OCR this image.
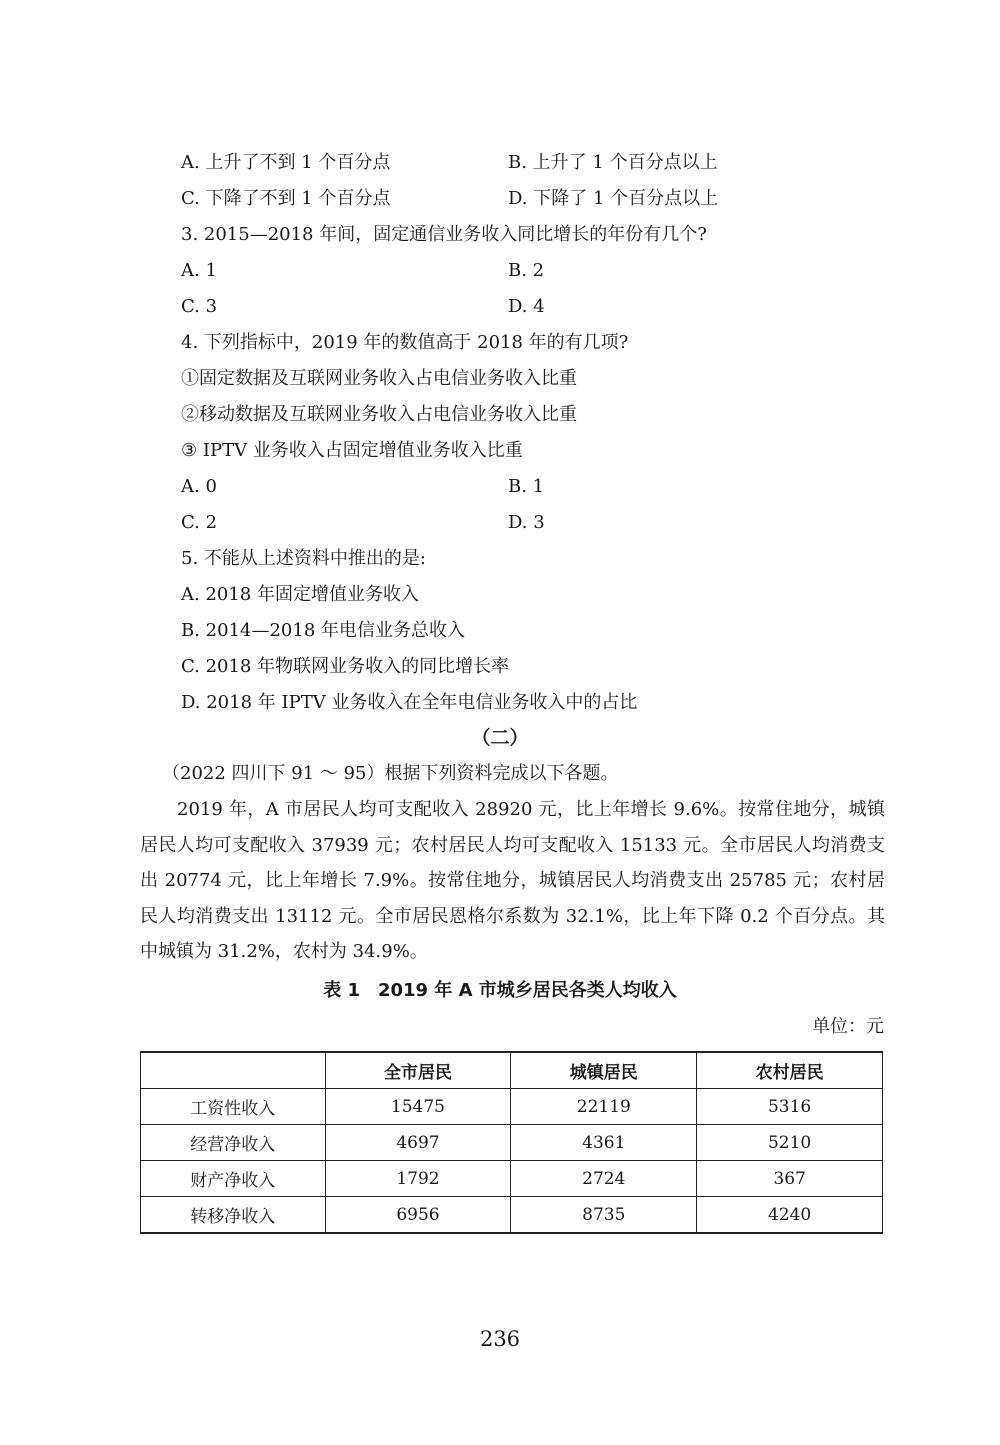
A. 上升了不到 1 个百分点	B. 上升了 1 个百分点以上
C. 下降了不到 1 个百分点	D. 下降了 1 个百分点以上
3. 2015—2018 年间，固定通信业务收入同比增长的年份有几个?
A. 1	B. 2
C. 3	D. 4
4. 下列指标中，2019 年的数值高于 2018 年的有几项?
①固定数据及互联网业务收入占电信业务收入比重
②移动数据及互联网业务收入占电信业务收入比重
③ IPTV 业务收入占固定增值业务收入比重
A. 0	B. 1
C. 2	D. 3
5. 不能从上述资料中推出的是:
A. 2018 年固定增值业务收入
B. 2014—2018 年电信业务总收入
C. 2018 年物联网业务收入的同比增长率
D. 2018 年 IPTV 业务收入在全年电信业务收入中的占比
（二）
（2022 四川下 91 ～ 95）根据下列资料完成以下各题。
2019 年，A 市居民人均可支配收入 28920 元，比上年增长 9.6%。按常住地分，城镇居民人均可支配收入 37939 元；农村居民人均可支配收入 15133 元。全市居民人均消费支出 20774 元，比上年增长 7.9%。按常住地分，城镇居民人均消费支出 25785 元；农村居民人均消费支出 13112 元。全市居民恩格尔系数为 32.1%，比上年下降 0.2 个百分点。其中城镇为 31.2%，农村为 34.9%。
表 1　2019 年 A 市城乡居民各类人均收入
单位：元
	全市居民	城镇居民	农村居民
工资性收入	15475	22119	5316
经营净收入	4697	4361	5210
财产净收入	1792	2724	367
转移净收入	6956	8735	4240
236
